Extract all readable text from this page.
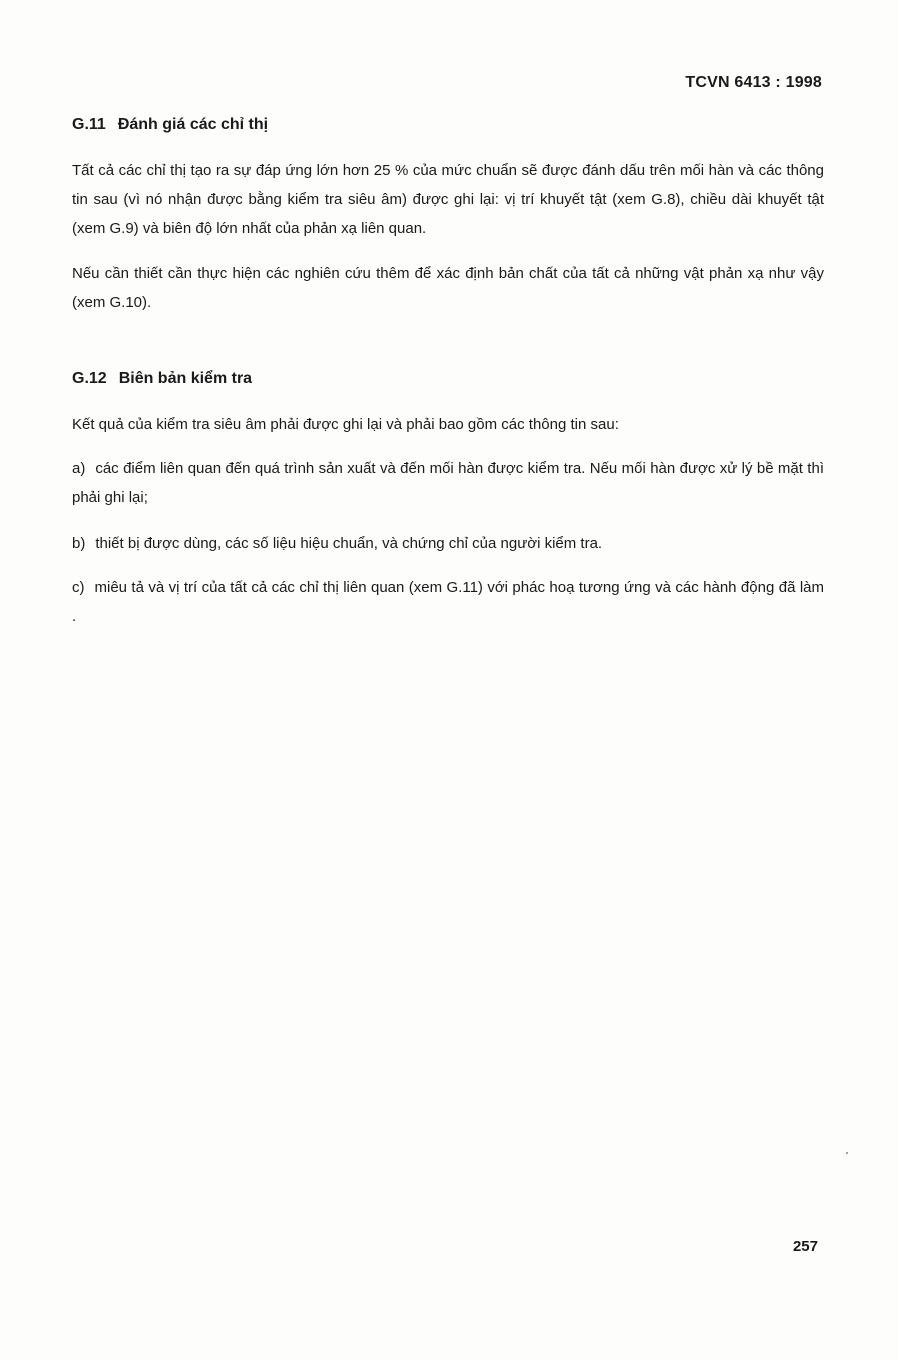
TCVN 6413 : 1998
G.11 Đánh giá các chỉ thị

Tất cả các chỉ thị tạo ra sự đáp ứng lớn hơn 25 % của mức chuẩn sẽ được đánh dấu trên mối hàn và các thông tin sau (vì nó nhận được bằng kiểm tra siêu âm) được ghi lại: vị trí khuyết tật (xem G.8), chiều dài khuyết tật (xem G.9) và biên độ lớn nhất của phản xạ liên quan.

Nếu cần thiết cần thực hiện các nghiên cứu thêm để xác định bản chất của tất cả những vật phản xạ như vậy (xem G.10).

G.12 Biên bản kiểm tra

Kết quả của kiểm tra siêu âm phải được ghi lại và phải bao gồm các thông tin sau:

a) các điểm liên quan đến quá trình sản xuất và đến mối hàn được kiểm tra. Nếu mối hàn được xử lý bề mặt thì phải ghi lại;

b) thiết bị được dùng, các số liệu hiệu chuẩn, và chứng chỉ của người kiểm tra.

c) miêu tả và vị trí của tất cả các chỉ thị liên quan (xem G.11) với phác hoạ tương ứng và các hành động đã làm .

257
